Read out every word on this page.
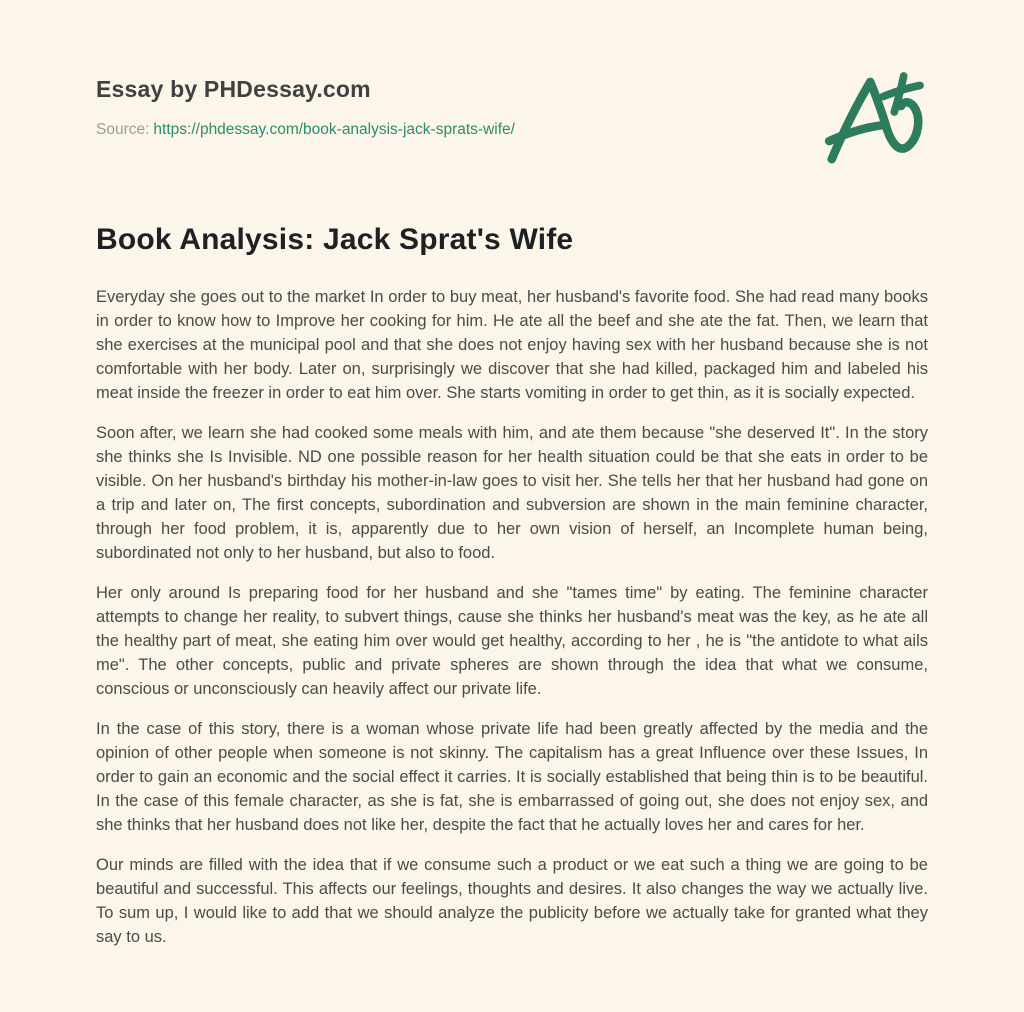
Essay by PHDessay.com
Source: https://phdessay.com/book-analysis-jack-sprats-wife/
Book Analysis: Jack Sprat's Wife

Everyday she goes out to the market In order to buy meat, her husband's favorite food. She had read many books in order to know how to Improve her cooking for him. He ate all the beef and she ate the fat. Then, we learn that she exercises at the municipal pool and that she does not enjoy having sex with her husband because she is not comfortable with her body. Later on, surprisingly we discover that she had killed, packaged him and labeled his meat inside the freezer in order to eat him over. She starts vomiting in order to get thin, as it is socially expected.

Soon after, we learn she had cooked some meals with him, and ate them because "she deserved It". In the story she thinks she Is Invisible. ND one possible reason for her health situation could be that she eats in order to be visible. On her husband's birthday his mother-in-law goes to visit her. She tells her that her husband had gone on a trip and later on, The first concepts, subordination and subversion are shown in the main feminine character, through her food problem, it is, apparently due to her own vision of herself, an Incomplete human being, subordinated not only to her husband, but also to food.

Her only around Is preparing food for her husband and she "tames time" by eating. The feminine character attempts to change her reality, to subvert things, cause she thinks her husband's meat was the key, as he ate all the healthy part of meat, she eating him over would get healthy, according to her , he is "the antidote to what ails me". The other concepts, public and private spheres are shown through the idea that what we consume, conscious or unconsciously can heavily affect our private life.

In the case of this story, there is a woman whose private life had been greatly affected by the media and the opinion of other people when someone is not skinny. The capitalism has a great Influence over these Issues, In order to gain an economic and the social effect it carries. It is socially established that being thin is to be beautiful. In the case of this female character, as she is fat, she is embarrassed of going out, she does not enjoy sex, and she thinks that her husband does not like her, despite the fact that he actually loves her and cares for her.

Our minds are filled with the idea that if we consume such a product or we eat such a thing we are going to be beautiful and successful. This affects our feelings, thoughts and desires. It also changes the way we actually live. To sum up, I would like to add that we should analyze the publicity before we actually take for granted what they say to us.
